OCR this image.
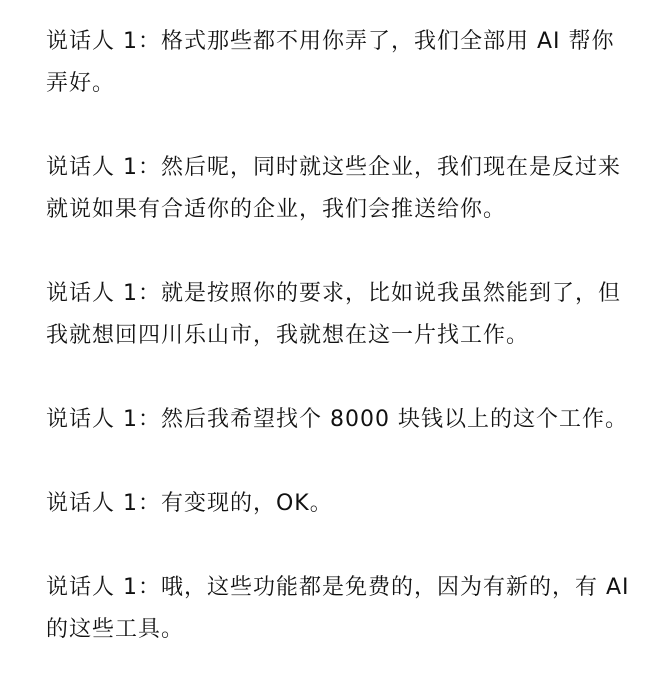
说话人 1：格式那些都不用你弄了，我们全部用 AI 帮你弄好。

说话人 1：然后呢，同时就这些企业，我们现在是反过来就说如果有合适你的企业，我们会推送给你。

说话人 1：就是按照你的要求，比如说我虽然能到了，但我就想回四川乐山市，我就想在这一片找工作。

说话人 1：然后我希望找个 8000 块钱以上的这个工作。

说话人 1：有变现的，OK。

说话人 1：哦，这些功能都是免费的，因为有新的，有 AI 的这些工具。
